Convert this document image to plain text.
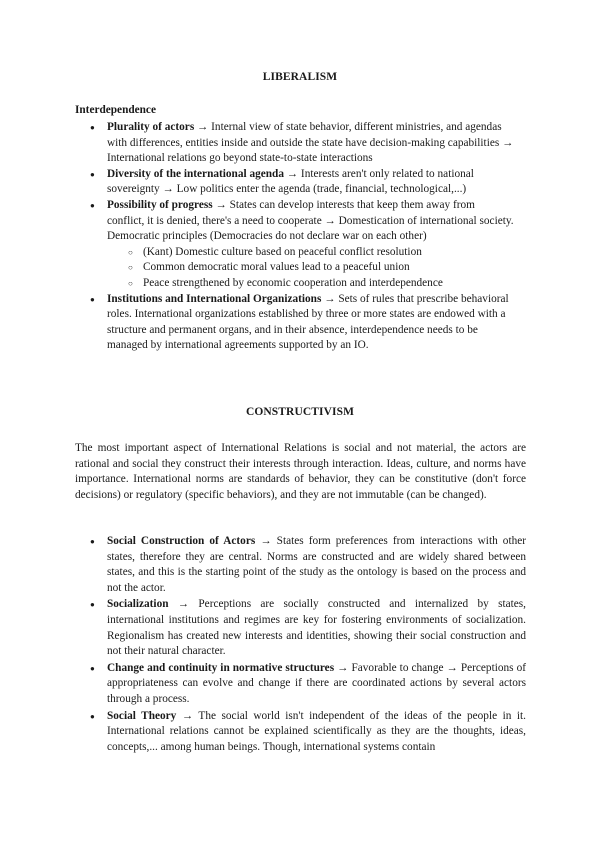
LIBERALISM
Interdependence
● Plurality of actors → Internal view of state behavior, different ministries, and agendas with differences, entities inside and outside the state have decision-making capabilities → International relations go beyond state-to-state interactions
● Diversity of the international agenda → Interests aren't only related to national sovereignty → Low politics enter the agenda (trade, financial, technological,...)
● Possibility of progress → States can develop interests that keep them away from conflict, it is denied, there's a need to cooperate → Domestication of international society. Democratic principles (Democracies do not declare war on each other)
○ (Kant) Domestic culture based on peaceful conflict resolution
○ Common democratic moral values lead to a peaceful union
○ Peace strengthened by economic cooperation and interdependence
● Institutions and International Organizations → Sets of rules that prescribe behavioral roles. International organizations established by three or more states are endowed with a structure and permanent organs, and in their absence, interdependence needs to be managed by international agreements supported by an IO.
CONSTRUCTIVISM
The most important aspect of International Relations is social and not material, the actors are rational and social they construct their interests through interaction. Ideas, culture, and norms have importance. International norms are standards of behavior, they can be constitutive (don't force decisions) or regulatory (specific behaviors), and they are not immutable (can be changed).
● Social Construction of Actors → States form preferences from interactions with other states, therefore they are central. Norms are constructed and are widely shared between states, and this is the starting point of the study as the ontology is based on the process and not the actor.
● Socialization → Perceptions are socially constructed and internalized by states, international institutions and regimes are key for fostering environments of socialization. Regionalism has created new interests and identities, showing their social construction and not their natural character.
● Change and continuity in normative structures → Favorable to change → Perceptions of appropriateness can evolve and change if there are coordinated actions by several actors through a process.
● Social Theory → The social world isn't independent of the ideas of the people in it. International relations cannot be explained scientifically as they are the thoughts, ideas, concepts,... among human beings. Though, international systems contain
